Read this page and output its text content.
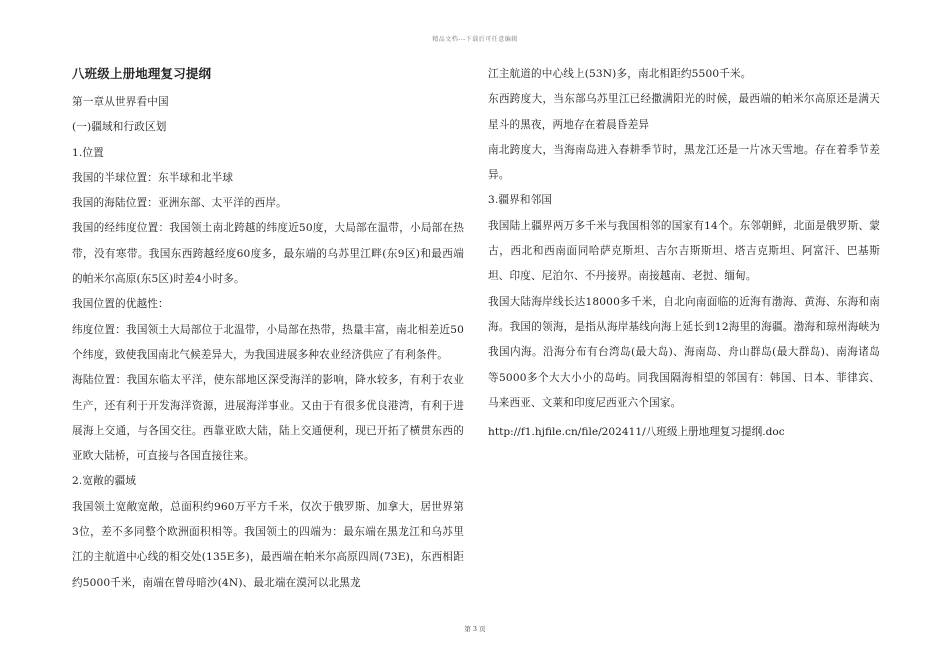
精品文档---下载后可任意编辑

八班级上册地理复习提纲

第一章从世界看中国

(一)疆域和行政区划

1.位置

我国的半球位置：东半球和北半球

我国的海陆位置：亚洲东部、太平洋的西岸。

我国的经纬度位置：我国领土南北跨越的纬度近50度，大局部在温带，小局部在热带，没有寒带。我国东西跨越经度60度多，最东端的乌苏里江畔(东9区)和最西端的帕米尔高原(东5区)时差4小时多。

我国位置的优越性：

纬度位置：我国领土大局部位于北温带，小局部在热带，热量丰富，南北相差近50个纬度，致使我国南北气候差异大，为我国进展多种农业经济供应了有利条件。

海陆位置：我国东临太平洋，使东部地区深受海洋的影响，降水较多，有利于农业生产，还有利于开发海洋资源，进展海洋事业。又由于有很多优良港湾，有利于进展海上交通，与各国交往。西靠亚欧大陆，陆上交通便利，现已开拓了横贯东西的亚欧大陆桥，可直接与各国直接往来。

2.宽敞的疆域

我国领土宽敞宽敞，总面积约960万平方千米，仅次于俄罗斯、加拿大，居世界第3位，差不多同整个欧洲面积相等。我国领土的四端为：最东端在黑龙江和乌苏里江的主航道中心线的相交处(135E多)，最西端在帕米尔高原四周(73E)，东西相距约5000千米，南端在曾母暗沙(4N)、最北端在漠河以北黑龙

江主航道的中心线上(53N)多，南北相距约5500千米。

东西跨度大，当东部乌苏里江已经撒满阳光的时候，最西端的帕米尔高原还是满天星斗的黑夜，两地存在着晨昏差异

南北跨度大，当海南岛进入春耕季节时，黑龙江还是一片冰天雪地。存在着季节差异。

3.疆界和邻国

我国陆上疆界两万多千米与我国相邻的国家有14个。东邻朝鲜，北面是俄罗斯、蒙古，西北和西南面同哈萨克斯坦、吉尔吉斯斯坦、塔吉克斯坦、阿富汗、巴基斯坦、印度、尼泊尔、不丹接界。南接越南、老挝、缅甸。

我国大陆海岸线长达18000多千米，自北向南面临的近海有渤海、黄海、东海和南海。我国的领海，是指从海岸基线向海上延长到12海里的海疆。渤海和琼州海峡为我国内海。沿海分布有台湾岛(最大岛)、海南岛、舟山群岛(最大群岛)、南海诸岛等5000多个大大小小的岛屿。同我国隔海相望的邻国有：韩国、日本、菲律宾、马来西亚、文莱和印度尼西亚六个国家。

http://f1.hjfile.cn/file/202411/八班级上册地理复习提纲.doc

第 3 页
